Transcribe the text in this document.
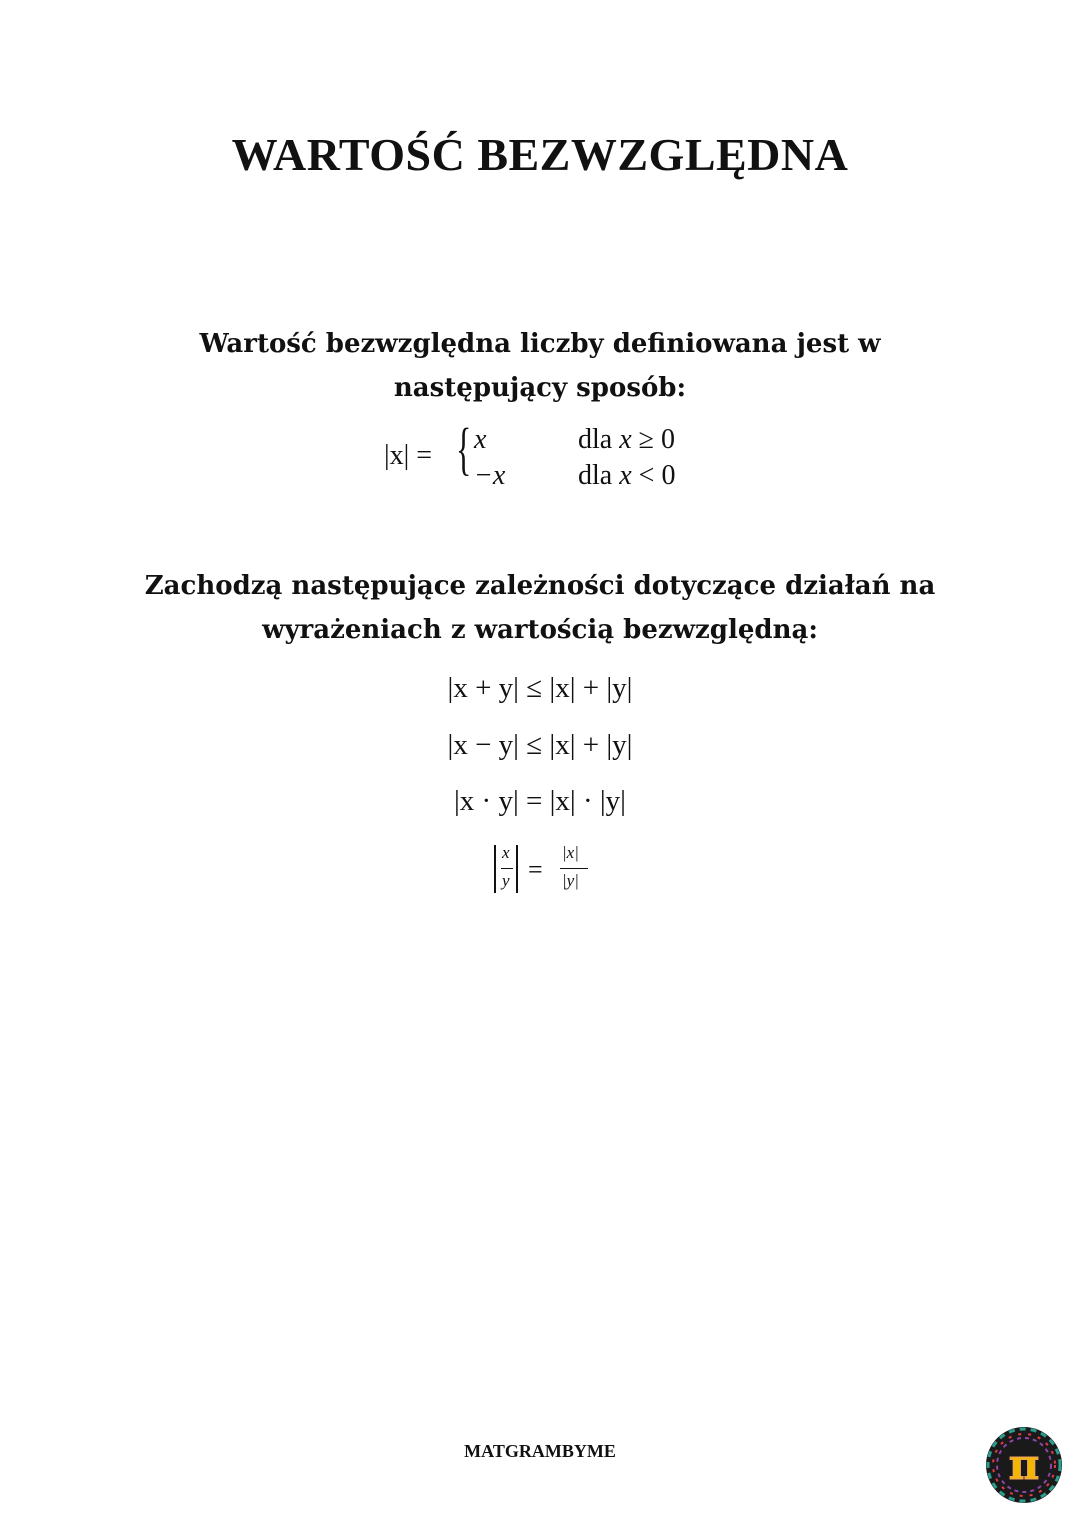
WARTOŚĆ BEZWZGLĘDNA
Wartość bezwzględna liczby definiowana jest w
następujący sposób:
|x| = { x	dla x ≥ 0
−x	dla x < 0
Zachodzą następujące zależności dotyczące działań na
wyrażeniach z wartością bezwzględną:
|x + y| ≤ |x| + |y|
|x − y| ≤ |x| + |y|
|x · y| = |x| · |y|
x
y =
|x|
|y|
MATGRAMBYME	π
